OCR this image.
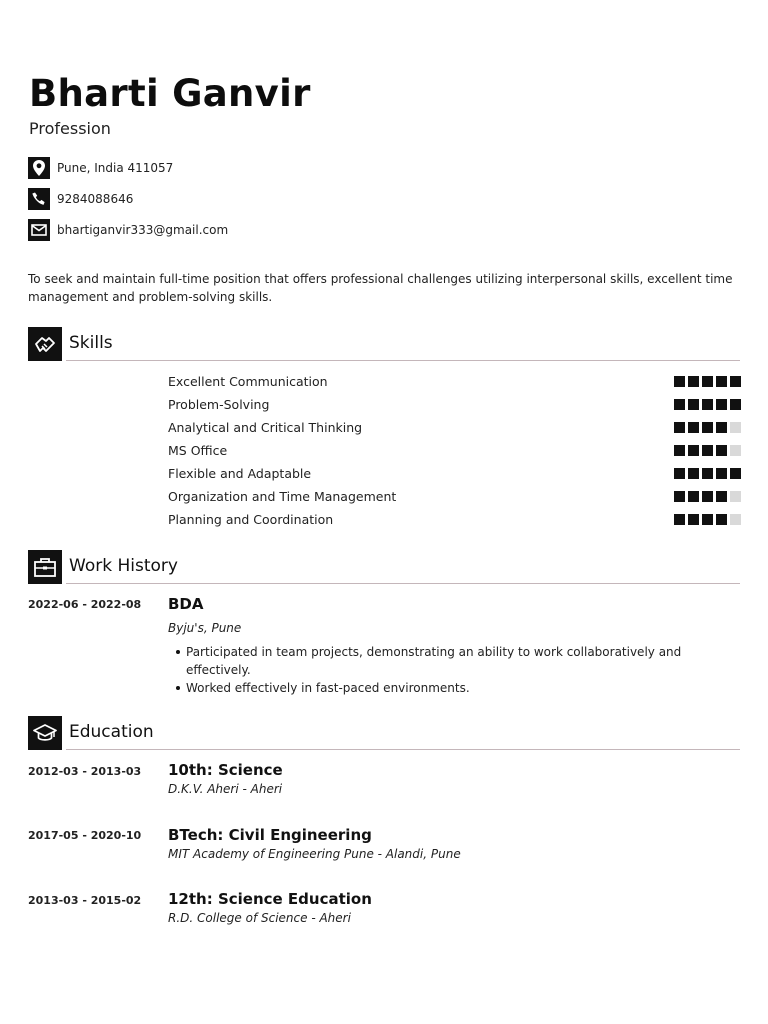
Bharti Ganvir
Profession
Pune, India 411057
9284088646
bhartiganvir333@gmail.com
To seek and maintain full-time position that offers professional challenges utilizing interpersonal skills, excellent time management and problem-solving skills.
Skills
Excellent Communication
Problem-Solving
Analytical and Critical Thinking
MS Office
Flexible and Adaptable
Organization and Time Management
Planning and Coordination
Work History
2022-06 - 2022-08 BDA
Byju's, Pune
Participated in team projects, demonstrating an ability to work collaboratively and effectively.
Worked effectively in fast-paced environments.
Education
2012-03 - 2013-03 10th: Science
D.K.V. Aheri - Aheri
2017-05 - 2020-10 BTech: Civil Engineering
MIT Academy of Engineering Pune - Alandi, Pune
2013-03 - 2015-02 12th: Science Education
R.D. College of Science - Aheri
